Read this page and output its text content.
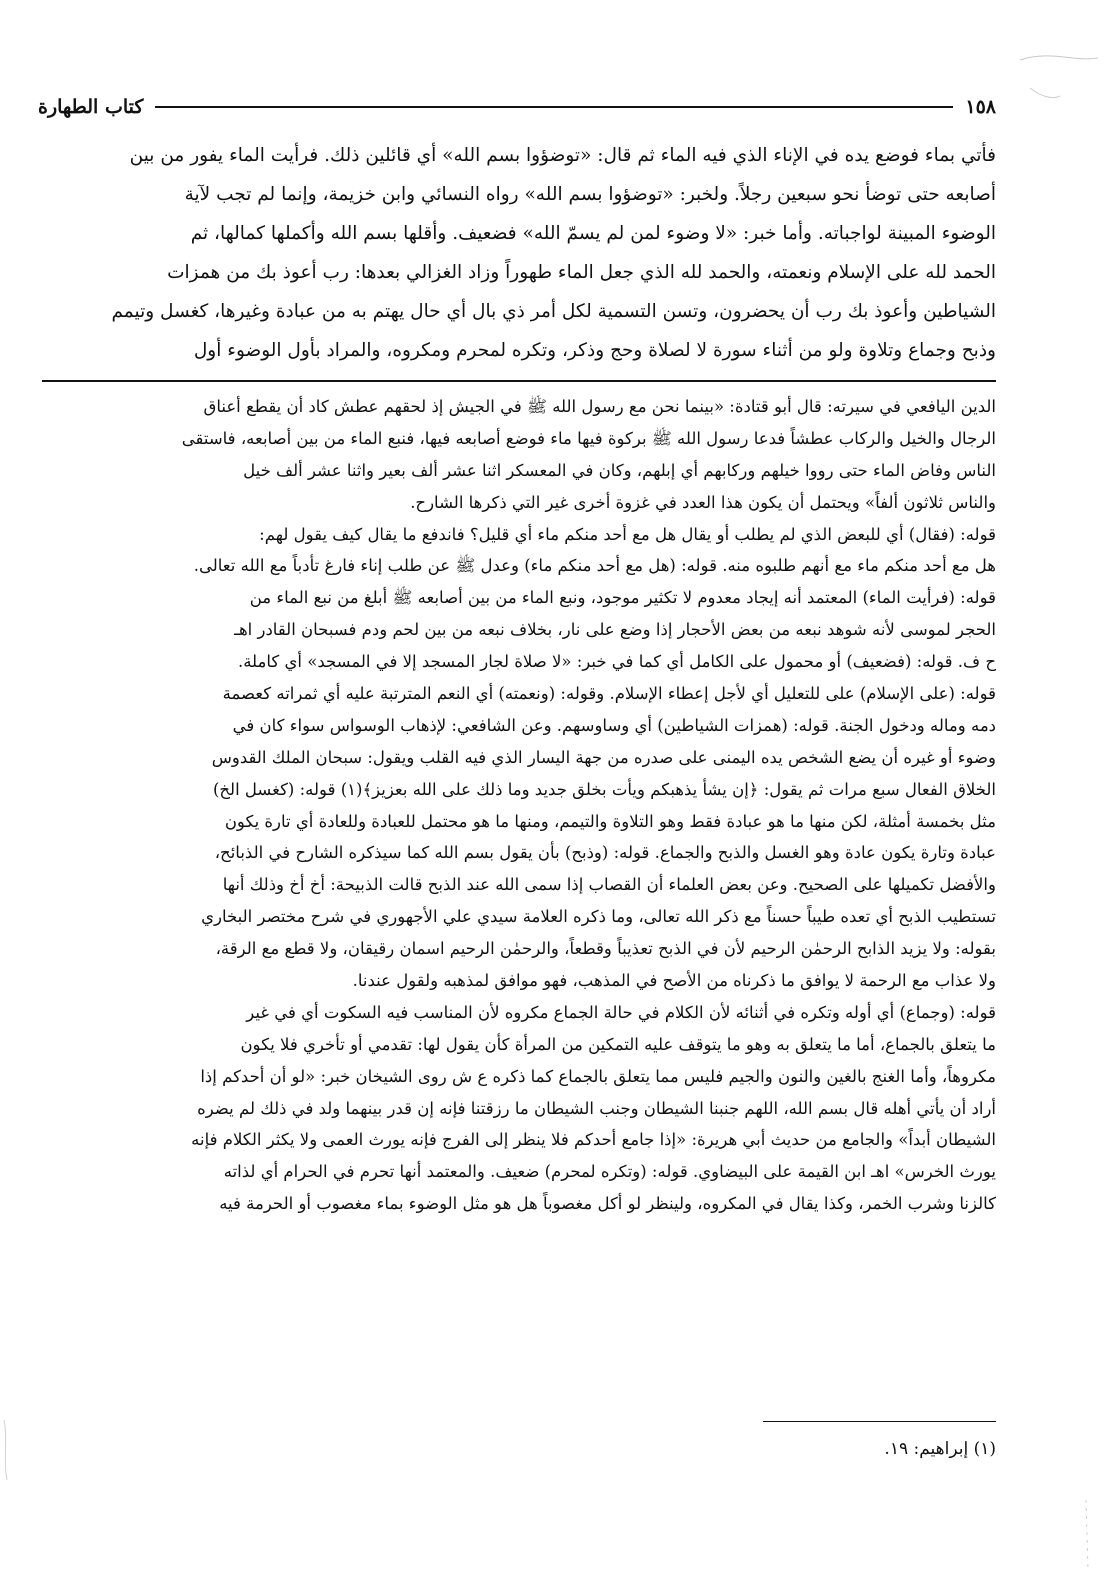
١٥٨
كتاب الطهارة
فأتي بماء فوضع يده في الإناء الذي فيه الماء ثم قال: «توضؤوا بسم الله» أي قائلين ذلك. فرأيت الماء يفور من بين
أصابعه حتى توضأ نحو سبعين رجلاً. ولخبر: «توضؤوا بسم الله» رواه النسائي وابن خزيمة، وإنما لم تجب لآية
الوضوء المبينة لواجباته. وأما خبر: «لا وضوء لمن لم يسمّ الله» فضعيف. وأقلها بسم الله وأكملها كمالها، ثم
الحمد لله على الإسلام ونعمته، والحمد لله الذي جعل الماء طهوراً وزاد الغزالي بعدها: رب أعوذ بك من همزات
الشياطين وأعوذ بك رب أن يحضرون، وتسن التسمية لكل أمر ذي بال أي حال يهتم به من عبادة وغيرها، كغسل وتيمم
وذبح وجماع وتلاوة ولو من أثناء سورة لا لصلاة وحج وذكر، وتكره لمحرم ومكروه، والمراد بأول الوضوء أول
الدين اليافعي في سيرته: قال أبو قتادة: «بينما نحن مع رسول الله ﷺ في الجيش إذ لحقهم عطش كاد أن يقطع أعناق
الرجال والخيل والركاب عطشاً فدعا رسول الله ﷺ بركوة فيها ماء فوضع أصابعه فيها، فنبع الماء من بين أصابعه، فاستقى
الناس وفاض الماء حتى رووا خيلهم وركابهم أي إبلهم، وكان في المعسكر اثنا عشر ألف بعير واثنا عشر ألف خيل
والناس ثلاثون ألفاً» ويحتمل أن يكون هذا العدد في غزوة أخرى غير التي ذكرها الشارح.
قوله: (فقال) أي للبعض الذي لم يطلب أو يقال هل مع أحد منكم ماء أي قليل؟ فاندفع ما يقال كيف يقول لهم:
هل مع أحد منكم ماء مع أنهم طلبوه منه. قوله: (هل مع أحد منكم ماء) وعدل ﷺ عن طلب إناء فارغ تأدباً مع الله تعالى.
قوله: (فرأيت الماء) المعتمد أنه إيجاد معدوم لا تكثير موجود، ونبع الماء من بين أصابعه ﷺ أبلغ من نبع الماء من
الحجر لموسى لأنه شوهد نبعه من بعض الأحجار إذا وضع على نار، بخلاف نبعه من بين لحم ودم فسبحان القادر اهـ
ح ف. قوله: (فضعيف) أو محمول على الكامل أي كما في خبر: «لا صلاة لجار المسجد إلا في المسجد» أي كاملة.
قوله: (على الإسلام) على للتعليل أي لأجل إعطاء الإسلام. وقوله: (ونعمته) أي النعم المترتبة عليه أي ثمراته كعصمة
دمه وماله ودخول الجنة. قوله: (همزات الشياطين) أي وساوسهم. وعن الشافعي: لإذهاب الوسواس سواء كان في
وضوء أو غيره أن يضع الشخص يده اليمنى على صدره من جهة اليسار الذي فيه القلب ويقول: سبحان الملك القدوس
الخلاق الفعال سبع مرات ثم يقول: ﴿إن يشأ يذهبكم ويأت بخلق جديد وما ذلك على الله بعزيز﴾(١) قوله: (كغسل الخ)
مثل بخمسة أمثلة، لكن منها ما هو عبادة فقط وهو التلاوة والتيمم، ومنها ما هو محتمل للعبادة وللعادة أي تارة يكون
عبادة وتارة يكون عادة وهو الغسل والذبح والجماع. قوله: (وذبح) بأن يقول بسم الله كما سيذكره الشارح في الذبائح،
والأفضل تكميلها على الصحيح. وعن بعض العلماء أن القصاب إذا سمى الله عند الذبح قالت الذبيحة: أخ أخ وذلك أنها
تستطيب الذبح أي تعده طيباً حسناً مع ذكر الله تعالى، وما ذكره العلامة سيدي علي الأجهوري في شرح مختصر البخاري
بقوله: ولا يزيد الذابح الرحمٰن الرحيم لأن في الذبح تعذيباً وقطعاً، والرحمٰن الرحيم اسمان رقيقان، ولا قطع مع الرقة،
ولا عذاب مع الرحمة لا يوافق ما ذكرناه من الأصح في المذهب، فهو موافق لمذهبه ولقول عندنا.
قوله: (وجماع) أي أوله وتكره في أثنائه لأن الكلام في حالة الجماع مكروه لأن المناسب فيه السكوت أي في غير
ما يتعلق بالجماع، أما ما يتعلق به وهو ما يتوقف عليه التمكين من المرأة كأن يقول لها: تقدمي أو تأخري فلا يكون
مكروهاً، وأما الغنج بالغين والنون والجيم فليس مما يتعلق بالجماع كما ذكره ع ش روى الشيخان خبر: «لو أن أحدكم إذا
أراد أن يأتي أهله قال بسم الله، اللهم جنبنا الشيطان وجنب الشيطان ما رزقتنا فإنه إن قدر بينهما ولد في ذلك لم يضره
الشيطان أبداً» والجامع من حديث أبي هريرة: «إذا جامع أحدكم فلا ينظر إلى الفرج فإنه يورث العمى ولا يكثر الكلام فإنه
يورث الخرس» اهـ ابن القيمة على البيضاوي. قوله: (وتكره لمحرم) ضعيف. والمعتمد أنها تحرم في الحرام أي لذاته
كالزنا وشرب الخمر، وكذا يقال في المكروه، ولينظر لو أكل مغصوباً هل هو مثل الوضوء بماء مغصوب أو الحرمة فيه
(١) إبراهيم: ١٩.
